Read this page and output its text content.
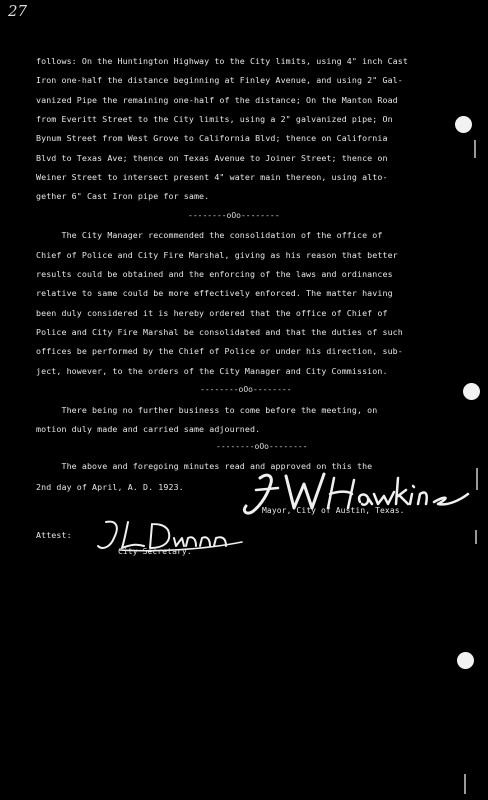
27
follows: On the Huntington Highway to the City limits, using 4" inch Cast
Iron one-half the distance beginning at Finley Avenue, and using 2" Gal-
vanized Pipe the remaining one-half of the distance; On the Manton Road
from Everitt Street to the City limits, using a 2" galvanized pipe; On
Bynum Street from West Grove to California Blvd; thence on California
Blvd to Texas Ave; thence on Texas Avenue to Joiner Street; thence on
Weiner Street to intersect present 4" water main thereon, using alto-
gether 6" Cast Iron pipe for same.
--------oOo--------
The City Manager recommended the consolidation of the office of
Chief of Police and City Fire Marshal, giving as his reason that better
results could be obtained and the enforcing of the laws and ordinances
relative to same could be more effectively enforced. The matter having
been duly considered it is hereby ordered that the office of Chief of
Police and City Fire Marshal be consolidated and that the duties of such
offices be performed by the Chief of Police or under his direction, sub-
ject, however, to the orders of the City Manager and City Commission.
--------oOo--------
There being no further business to come before the meeting, on
motion duly made and carried same adjourned.
--------oOo--------
The above and foregoing minutes read and approved on this the
2nd day of April, A. D. 1923.
Mayor, City of Austin, Texas.
Attest:
City Secretary.
